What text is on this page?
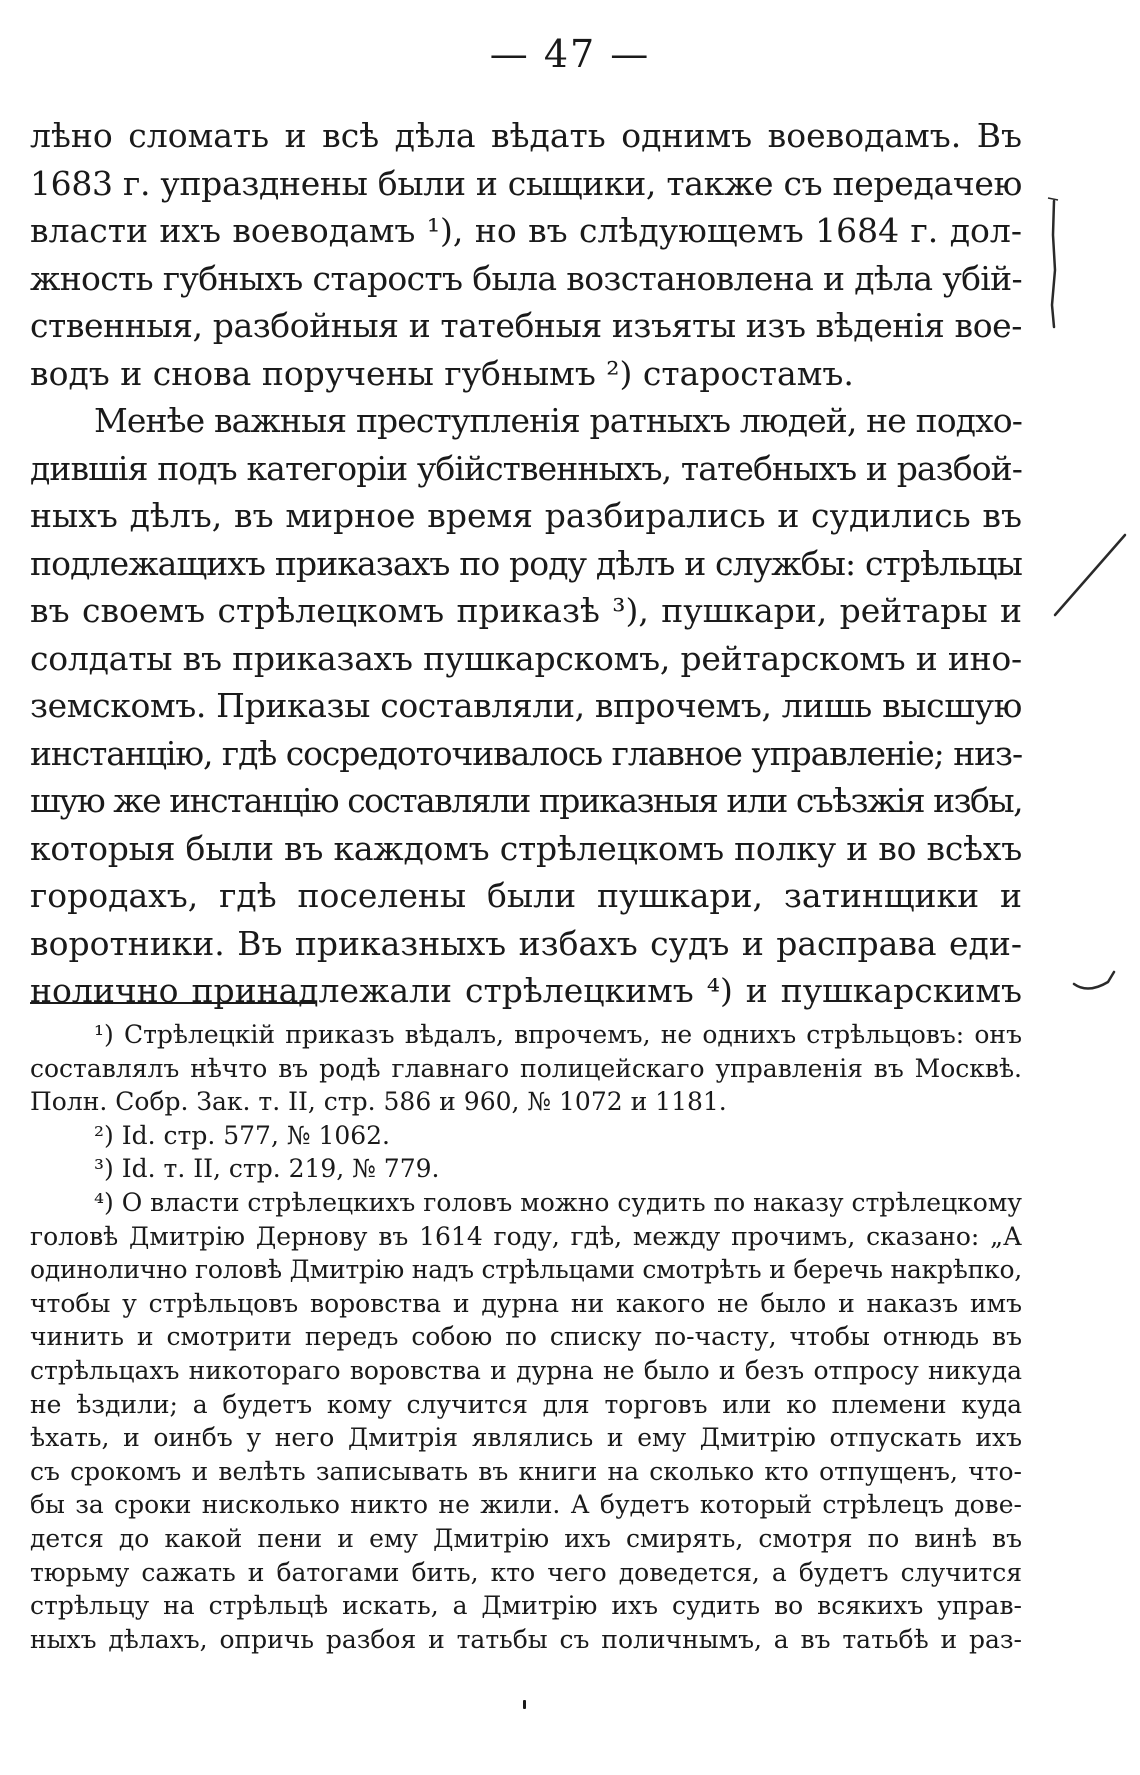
— 47 —
лѣно сломать и всѣ дѣла вѣдать однимъ воеводамъ. Въ
1683 г. упразднены были и сыщики, также съ передачею
власти ихъ воеводамъ ¹), но въ слѣдующемъ 1684 г. дол-
жность губныхъ старостъ была возстановлена и дѣла убій-
ственныя, разбойныя и татебныя изъяты изъ вѣденія вое-
водъ и снова поручены губнымъ ²) старостамъ.
Менѣе важныя преступленія ратныхъ людей, не подхо-
дившія подъ категоріи убійственныхъ, татебныхъ и разбой-
ныхъ дѣлъ, въ мирное время разбирались и судились въ
подлежащихъ приказахъ по роду дѣлъ и службы: стрѣльцы
въ своемъ стрѣлецкомъ приказѣ ³), пушкари, рейтары и
солдаты въ приказахъ пушкарскомъ, рейтарскомъ и ино-
земскомъ. Приказы составляли, впрочемъ, лишь высшую
инстанцію, гдѣ сосредоточивалось главное управленіе; низ-
шую же инстанцію составляли приказныя или съѣзжія избы,
которыя были въ каждомъ стрѣлецкомъ полку и во всѣхъ
городахъ, гдѣ поселены были пушкари, затинщики и
воротники. Въ приказныхъ избахъ судъ и расправа еди-
нолично принадлежали стрѣлецкимъ ⁴) и пушкарскимъ
¹) Стрѣлецкій приказъ вѣдалъ, впрочемъ, не однихъ стрѣльцовъ: онъ
составлялъ нѣчто въ родѣ главнаго полицейскаго управленія въ Москвѣ.
Полн. Собр. Зак. т. II, стр. 586 и 960, № 1072 и 1181.
²) Id. стр. 577, № 1062.
³) Id. т. II, стр. 219, № 779.
⁴) О власти стрѣлецкихъ головъ можно судить по наказу стрѣлецкому
головѣ Дмитрію Дернову въ 1614 году, гдѣ, между прочимъ, сказано: „А
одинолично головѣ Дмитрію надъ стрѣльцами смотрѣть и беречь накрѣпко,
чтобы у стрѣльцовъ воровства и дурна ни какого не было и наказъ имъ
чинить и смотрити передъ собою по списку по-часту, чтобы отнюдь въ
стрѣльцахъ никотораго воровства и дурна не было и безъ отпросу никуда
не ѣздили; а будетъ кому случится для торговъ или ко племени куда
ѣхать, и оинбъ у него Дмитрія являлись и ему Дмитрію отпускать ихъ
съ срокомъ и велѣть записывать въ книги на сколько кто отпущенъ, что-
бы за сроки нисколько никто не жили. А будетъ который стрѣлецъ дове-
дется до какой пени и ему Дмитрію ихъ смирять, смотря по винѣ въ
тюрьму сажать и батогами бить, кто чего доведется, а будетъ случится
стрѣльцу на стрѣльцѣ искать, а Дмитрію ихъ судить во всякихъ управ-
ныхъ дѣлахъ, опричь разбоя и татьбы съ поличнымъ, а въ татьбѣ и раз-
